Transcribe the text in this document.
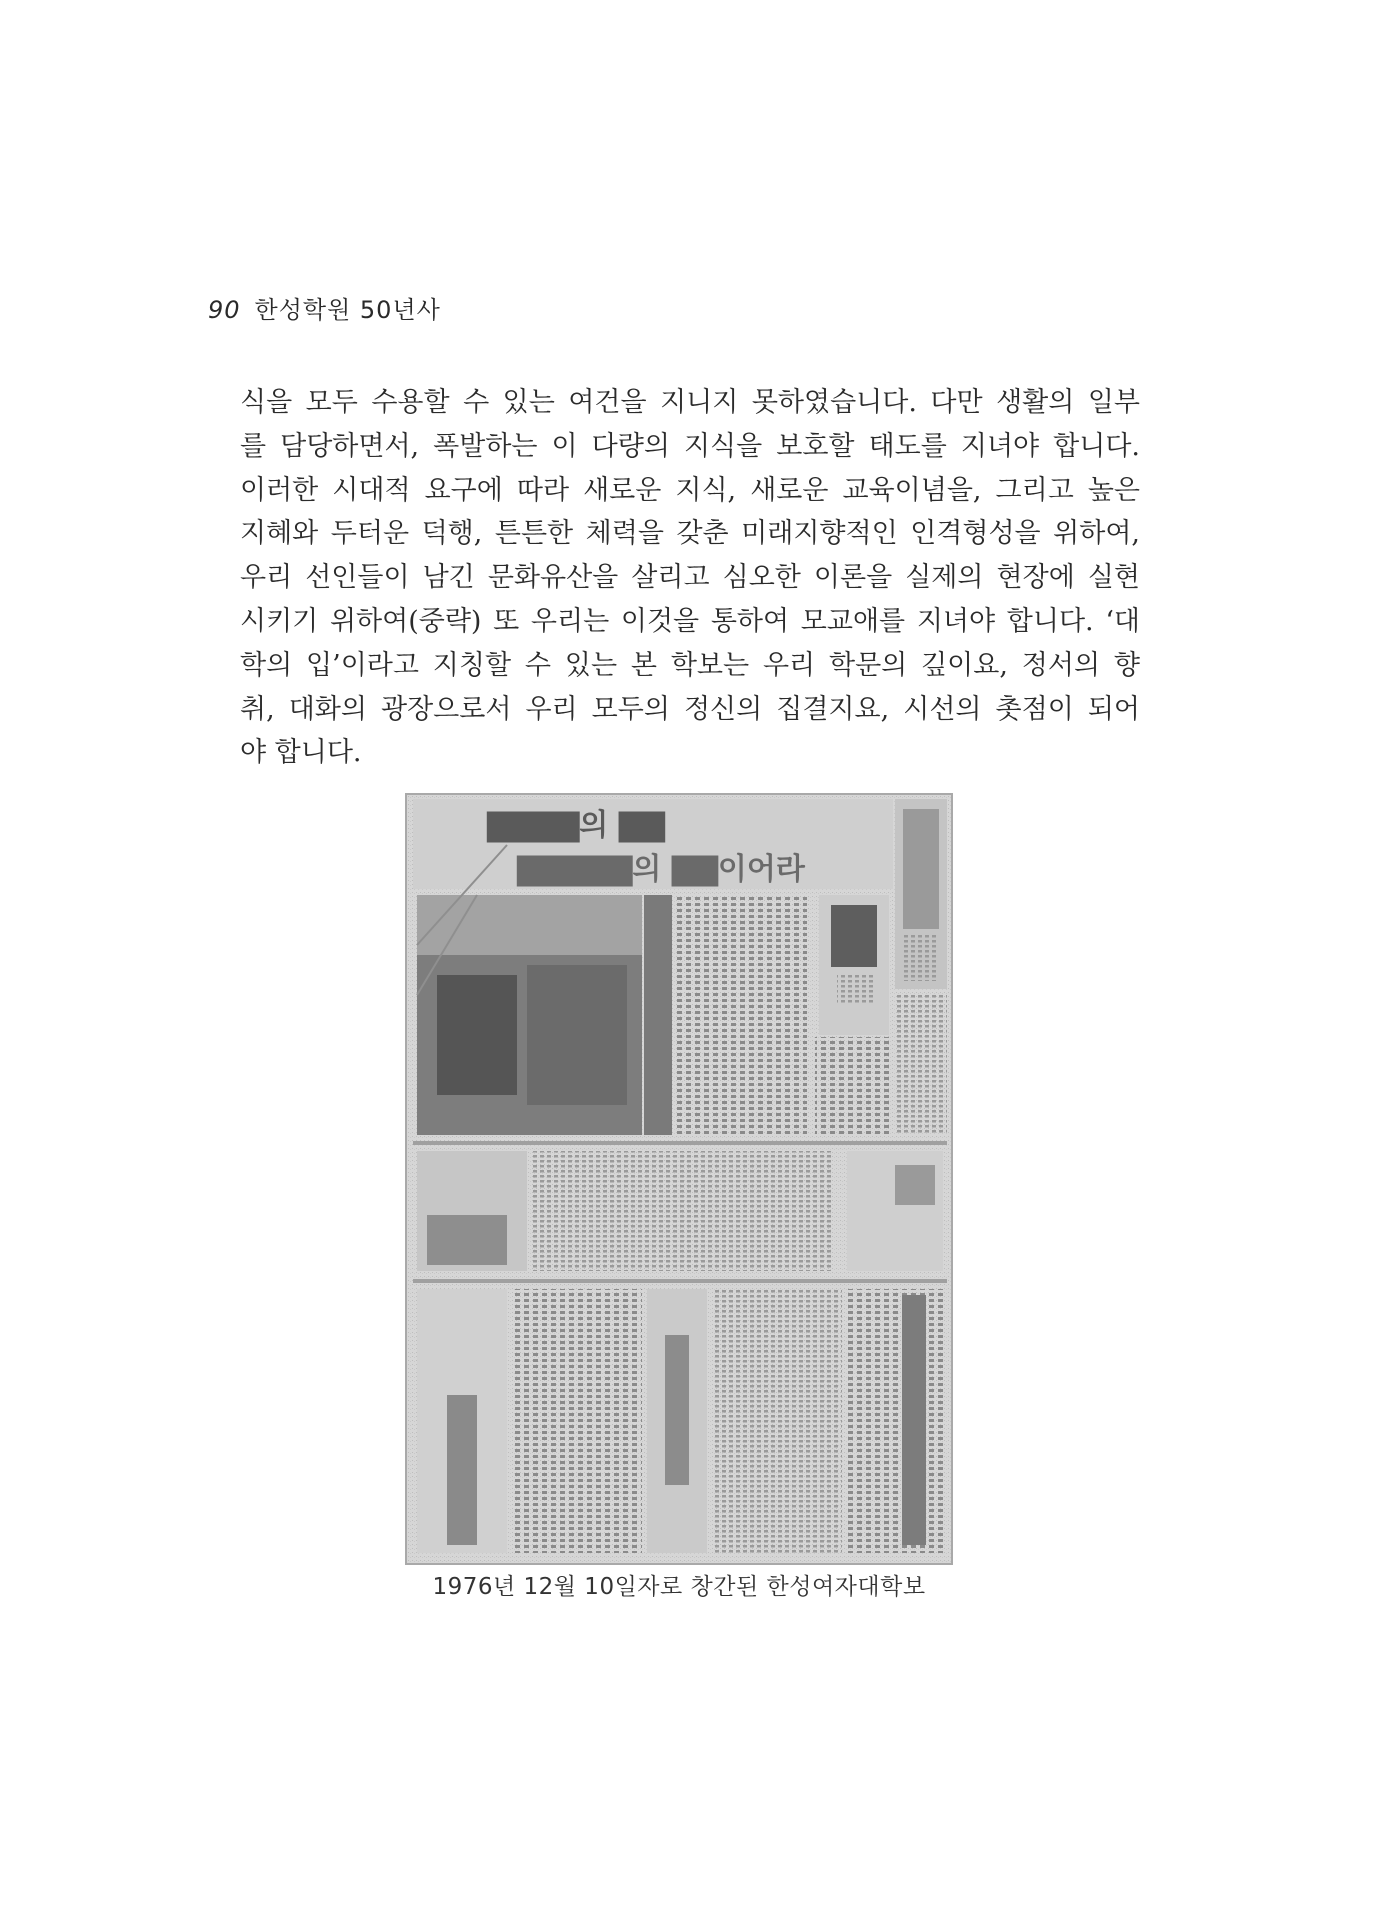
90 한성학원 50년사
식을 모두 수용할 수 있는 여건을 지니지 못하였습니다. 다만 생활의 일부
를 담당하면서, 폭발하는 이 다량의 지식을 보호할 태도를 지녀야 합니다.
이러한 시대적 요구에 따라 새로운 지식, 새로운 교육이념을, 그리고 높은
지혜와 두터운 덕행, 튼튼한 체력을 갖춘 미래지향적인 인격형성을 위하여,
우리 선인들이 남긴 문화유산을 살리고 심오한 이론을 실제의 현장에 실현
시키기 위하여(중략) 또 우리는 이것을 통하여 모교애를 지녀야 합니다. ‘대
학의 입’이라고 지칭할 수 있는 본 학보는 우리 학문의 깊이요, 정서의 향
취, 대화의 광장으로서 우리 모두의 정신의 집결지요, 시선의 촛점이 되어
야 합니다.
▇▇▇▇의 ▇▇
▇▇▇▇▇의 ▇▇이어라
1976년 12월 10일자로 창간된 한성여자대학보
